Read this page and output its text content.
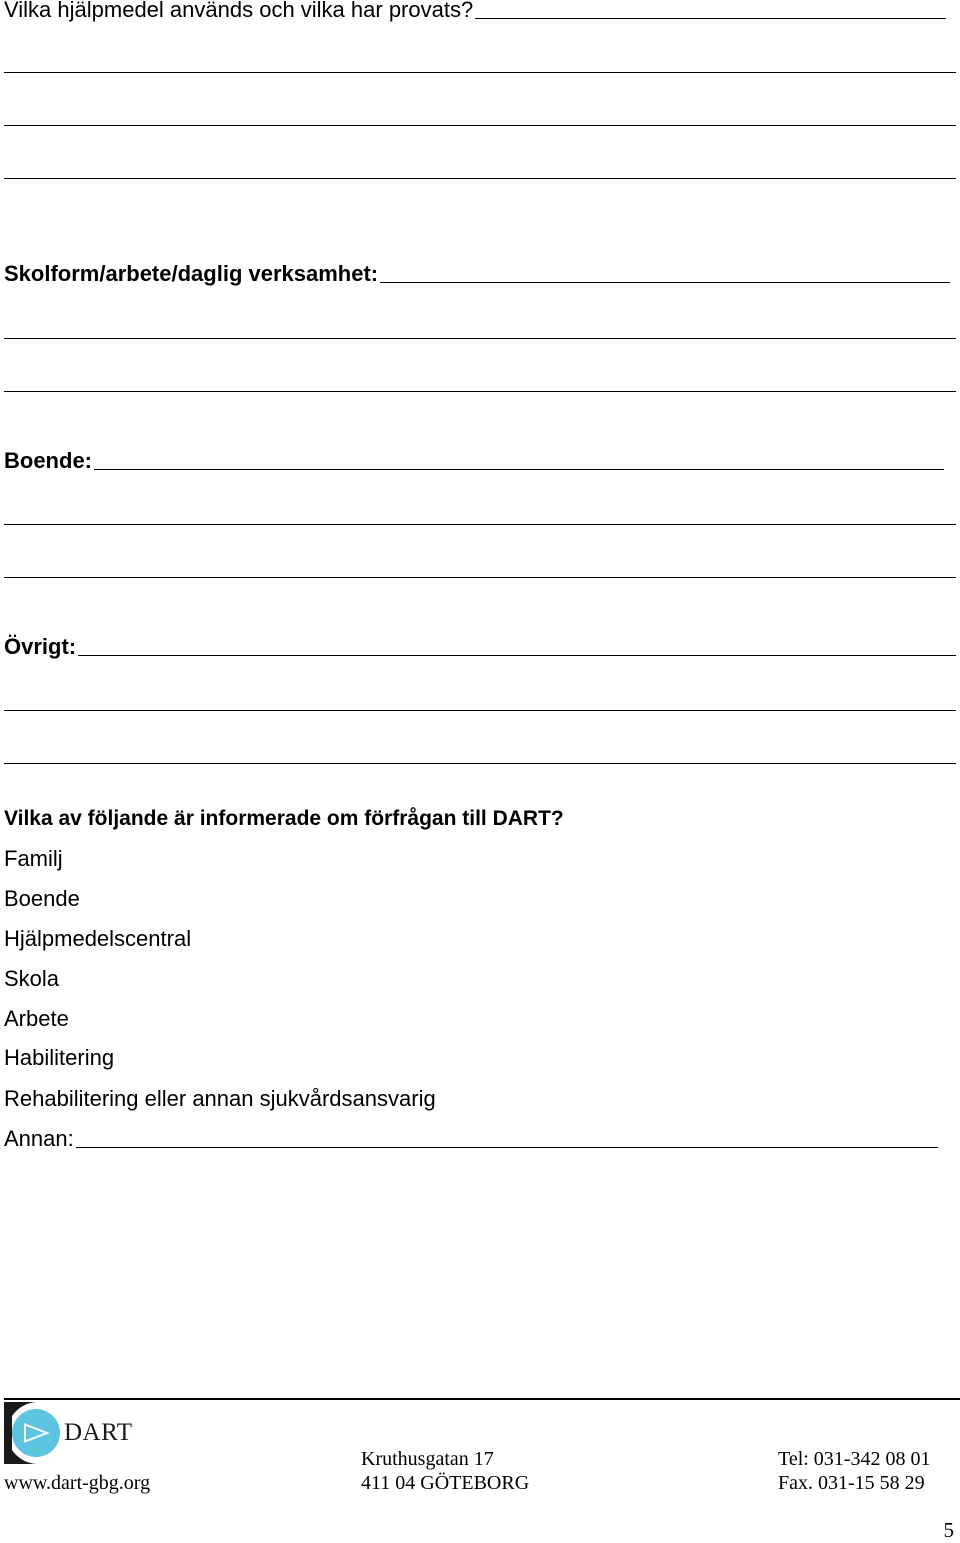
Vilka hjälpmedel används och vilka har provats?
Skolform/arbete/daglig verksamhet:
Boende:
Övrigt:
Vilka av följande är informerade om förfrågan till DART?
Familj
Boende
Hjälpmedelscentral
Skola
Arbete
Habilitering
Rehabilitering eller annan sjukvårdsansvarig
Annan:
DART
www.dart-gbg.org
Kruthusgatan 17
411 04 GÖTEBORG
Tel: 031-342 08 01
Fax. 031-15 58 29
5
